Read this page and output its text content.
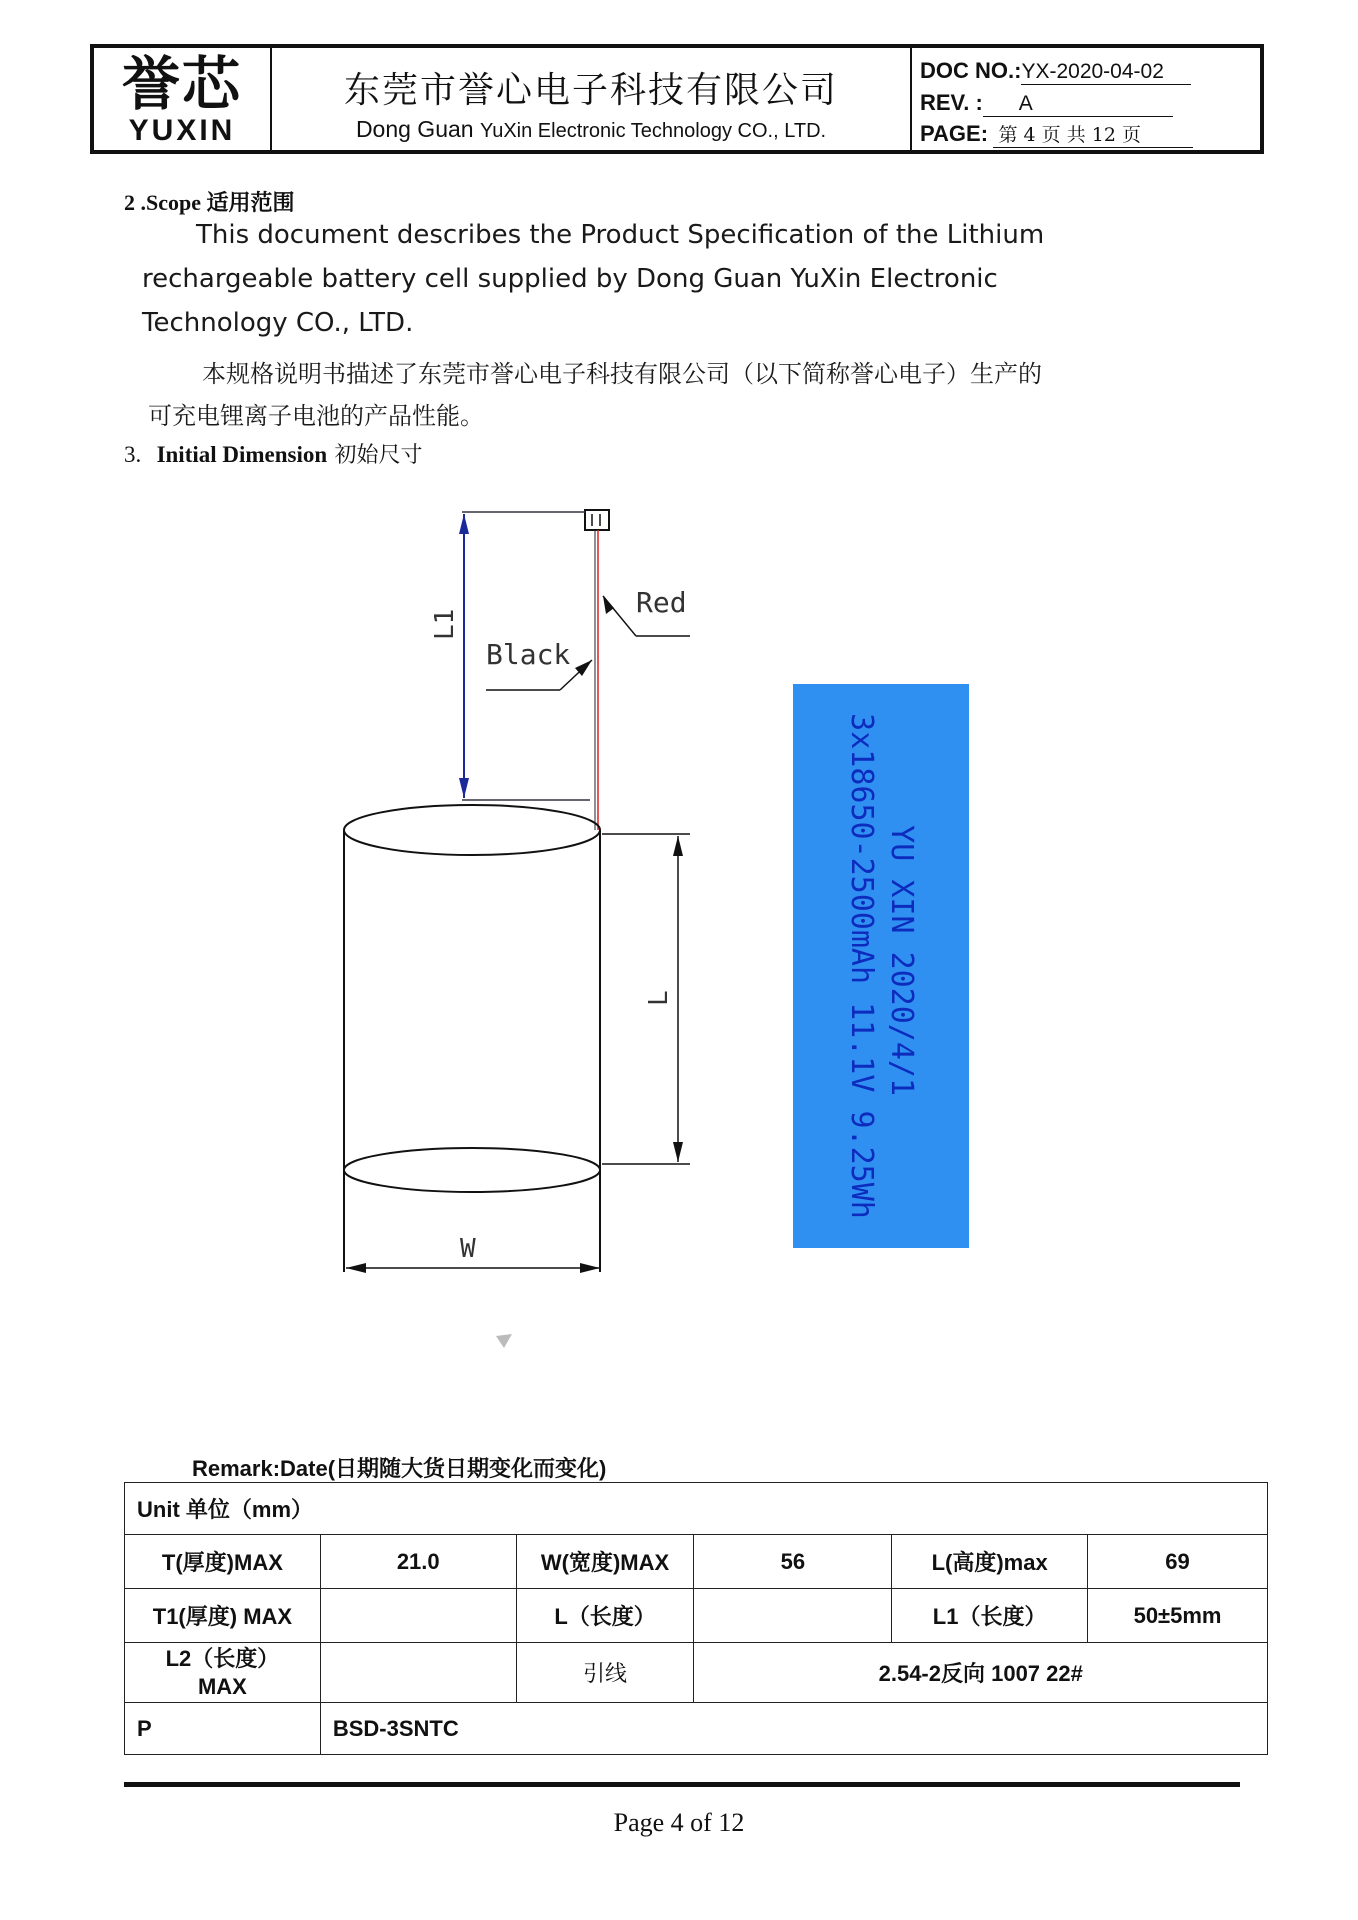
誉芯
YUXIN
东莞市誉心电子科技有限公司
Dong Guan YuXin Electronic Technology CO., LTD.
DOC NO.:YX-2020-04-02
REV. : A
PAGE: 第 4 页 共 12 页
2 .Scope 适用范围
This document describes the Product Specification of the Lithium
rechargeable battery cell supplied by Dong Guan YuXin Electronic
Technology CO., LTD.
本规格说明书描述了东莞市誉心电子科技有限公司（以下简称誉心电子）生产的
可充电锂离子电池的产品性能。
3. Initial Dimension 初始尺寸
L1
L
W
Red
Black
YU XIN 2020/4/1
3x18650-2500mAh 11.1V 9.25Wh
Remark:Date(日期随大货日期变化而变化)
Unit 单位（mm）					
T(厚度)MAX	21.0	W(宽度)MAX	56	L(高度)max	69
T1(厚度) MAX		L（长度）		L1（长度）	50±5mm

L2（长度）
MAX		引线	2.54-2反向 1007 22#		
P	BSD-3SNTC				
Page 4 of 12
